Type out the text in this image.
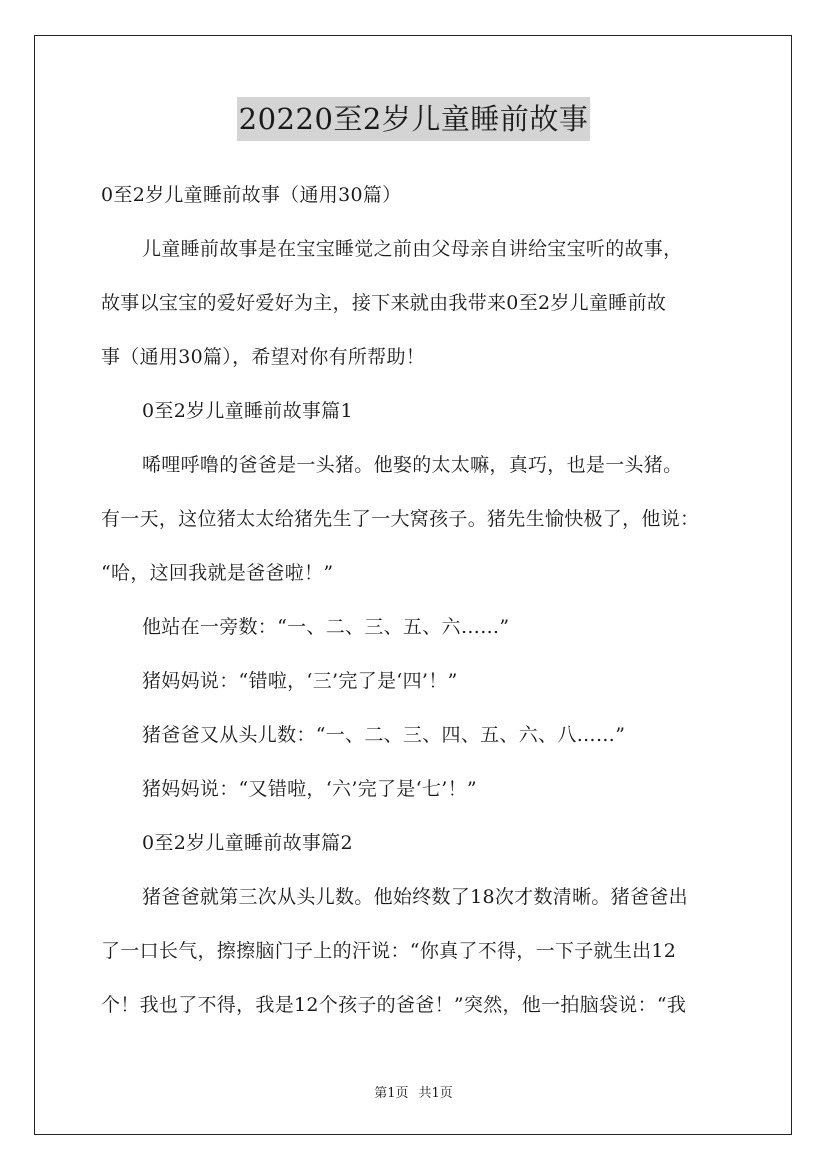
20220至2岁儿童睡前故事
0至2岁儿童睡前故事（通用30篇）
儿童睡前故事是在宝宝睡觉之前由父母亲自讲给宝宝听的故事，
故事以宝宝的爱好爱好为主，接下来就由我带来0至2岁儿童睡前故
事（通用30篇），希望对你有所帮助！
0至2岁儿童睡前故事篇1
唏哩呼噜的爸爸是一头猪。他娶的太太嘛，真巧，也是一头猪。
有一天，这位猪太太给猪先生了一大窝孩子。猪先生愉快极了，他说：
“哈，这回我就是爸爸啦！”
他站在一旁数：“一、二、三、五、六……”
猪妈妈说：“错啦，‘三’完了是‘四’！”
猪爸爸又从头儿数：“一、二、三、四、五、六、八……”
猪妈妈说：“又错啦，‘六’完了是‘七’！”
0至2岁儿童睡前故事篇2
猪爸爸就第三次从头儿数。他始终数了18次才数清晰。猪爸爸出
了一口长气，擦擦脑门子上的汗说：“你真了不得，一下子就生出12
个！我也了不得，我是12个孩子的爸爸！”突然，他一拍脑袋说：“我
第1页 共1页
